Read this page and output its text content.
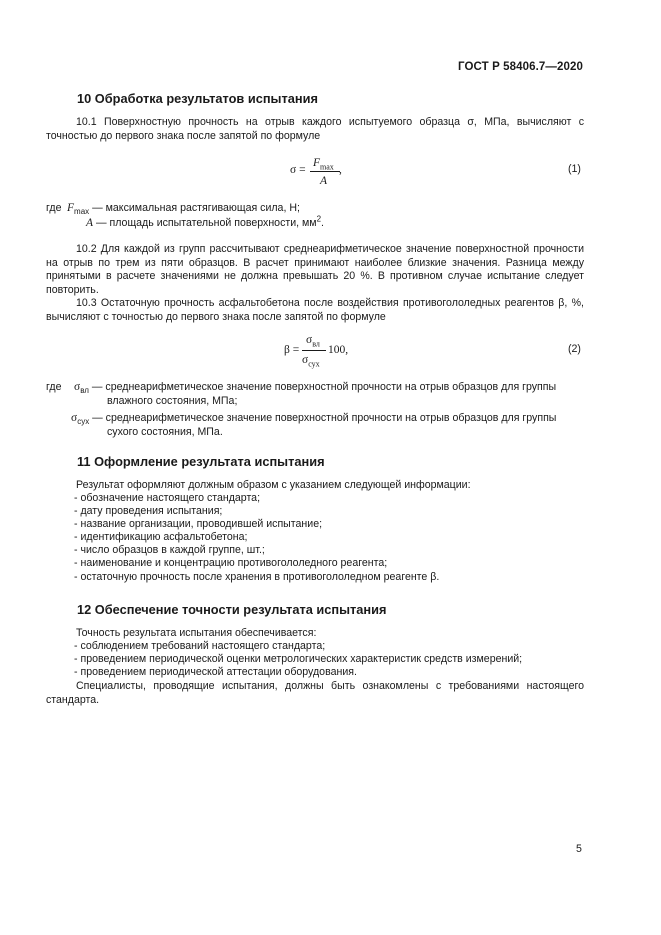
ГОСТ Р 58406.7—2020
10 Обработка результатов испытания
10.1 Поверхностную прочность на отрыв каждого испытуемого образца σ, МПа, вычисляют с точностью до первого знака после запятой по формуле
σ =
$F_{max}$
A
,	(1)
где $F_{max}$ — максимальная растягивающая сила, Н;
A — площадь испытательной поверхности, $мм^2$.
10.2 Для каждой из групп рассчитывают среднеарифметическое значение поверхностной прочности на отрыв по трем из пяти образцов. В расчет принимают наиболее близкие значения. Разница между принятыми в расчете значениями не должна превышать 20 %. В противном случае испытание следует повторить.
10.3 Остаточную прочность асфальтобетона после воздействия противогололедных реагентов β, %, вычисляют с точностью до первого знака после запятой по формуле
β =
$\sigma_{вл}$
$\sigma_{сух}$
100,	(2)
где $\sigma_{вл}$ — среднеарифметическое значение поверхностной прочности на отрыв образцов для группы
влажного состояния, МПа;
$\sigma_{сух}$ — среднеарифметическое значение поверхностной прочности на отрыв образцов для группы
сухого состояния, МПа.
11 Оформление результата испытания
Результат оформляют должным образом с указанием следующей информации:
- обозначение настоящего стандарта;
- дату проведения испытания;
- название организации, проводившей испытание;
- идентификацию асфальтобетона;
- число образцов в каждой группе, шт.;
- наименование и концентрацию противогололедного реагента;
- остаточную прочность после хранения в противогололедном реагенте β.
12 Обеспечение точности результата испытания
Точность результата испытания обеспечивается:
- соблюдением требований настоящего стандарта;
- проведением периодической оценки метрологических характеристик средств измерений;
- проведением периодической аттестации оборудования.
Специалисты, проводящие испытания, должны быть ознакомлены с требованиями настоящего стандарта.
5
